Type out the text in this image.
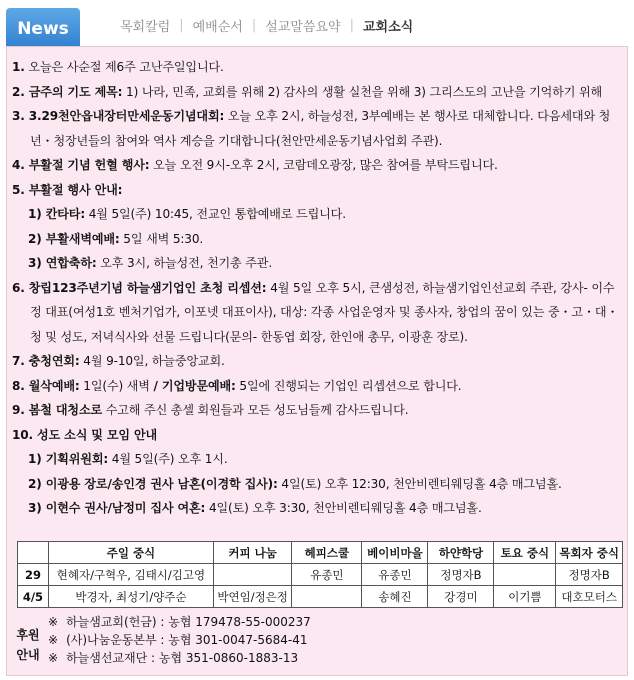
News	목회칼럼 | 예배순서 | 설교말씀요약 | 교회소식

1. 오늘은 사순절 제6주 고난주일입니다.

2. 금주의 기도 제목: 1) 나라, 민족, 교회를 위해 2) 감사의 생활 실천을 위해 3) 그리스도의 고난을 기억하기 위해

3. 3.29천안읍내장터만세운동기념대회: 오늘 오후 2시, 하늘성전, 3부예배는 본 행사로 대체합니다. 다음세대와 청년・청장년들의 참여와 역사 계승을 기대합니다(천안만세운동기념사업회 주관).

4. 부활절 기념 헌혈 행사: 오늘 오전 9시-오후 2시, 코람데오광장, 많은 참여를 부탁드립니다.

5. 부활절 행사 안내:

1) 칸타타: 4월 5일(주) 10:45, 전교인 통합예배로 드립니다.

2) 부활새벽예배: 5일 새벽 5:30.

3) 연합축하: 오후 3시, 하늘성전, 천기총 주관.

6. 창립123주년기념 하늘샘기업인 초청 리셉션: 4월 5일 오후 5시, 큰샘성전, 하늘샘기업인선교회 주관, 강사- 이수정 대표(여성1호 벤처기업가, 이포넷 대표이사), 대상: 각종 사업운영자 및 종사자, 창업의 꿈이 있는 중・고・대・청 및 성도, 저녁식사와 선물 드립니다(문의- 한동엽 회장, 한인애 총무, 이광훈 장로).

7. 충청연회: 4월 9-10일, 하늘중앙교회.

8. 월삭예배: 1일(수) 새벽 / 기업방문예배: 5일에 진행되는 기업인 리셉션으로 합니다.

9. 봄철 대청소로 수고해 주신 총셀 회원들과 모든 성도님들께 감사드립니다.

10. 성도 소식 및 모임 안내

1) 기획위원회: 4월 5일(주) 오후 1시.

2) 이광용 장로/송인경 권사 남혼(이경학 집사): 4일(토) 오후 12:30, 천안비렌티웨딩홀 4층 매그넘홀.

3) 이현수 권사/남정미 집사 여혼: 4일(토) 오후 3:30, 천안비렌티웨딩홀 4층 매그넘홀.

	주일 중식	커피 나눔	헤피스쿨	베이비마을	하얀학당	토요 중식	목회자 중식
29	현혜자/구혁우, 김태시/김고영		유종민	유종민	정명자B		정명자B
4/5	박경자, 최성기/양주순	박연임/정은정		송혜진	강경미	이기쁨	대호모터스
후원 안내
※ 하늘샘교회(헌금) : 농협 179478-55-000237
※ (사)나눔운동본부 : 농협 301-0047-5684-41
※ 하늘샘선교재단 : 농협 351-0860-1883-13
